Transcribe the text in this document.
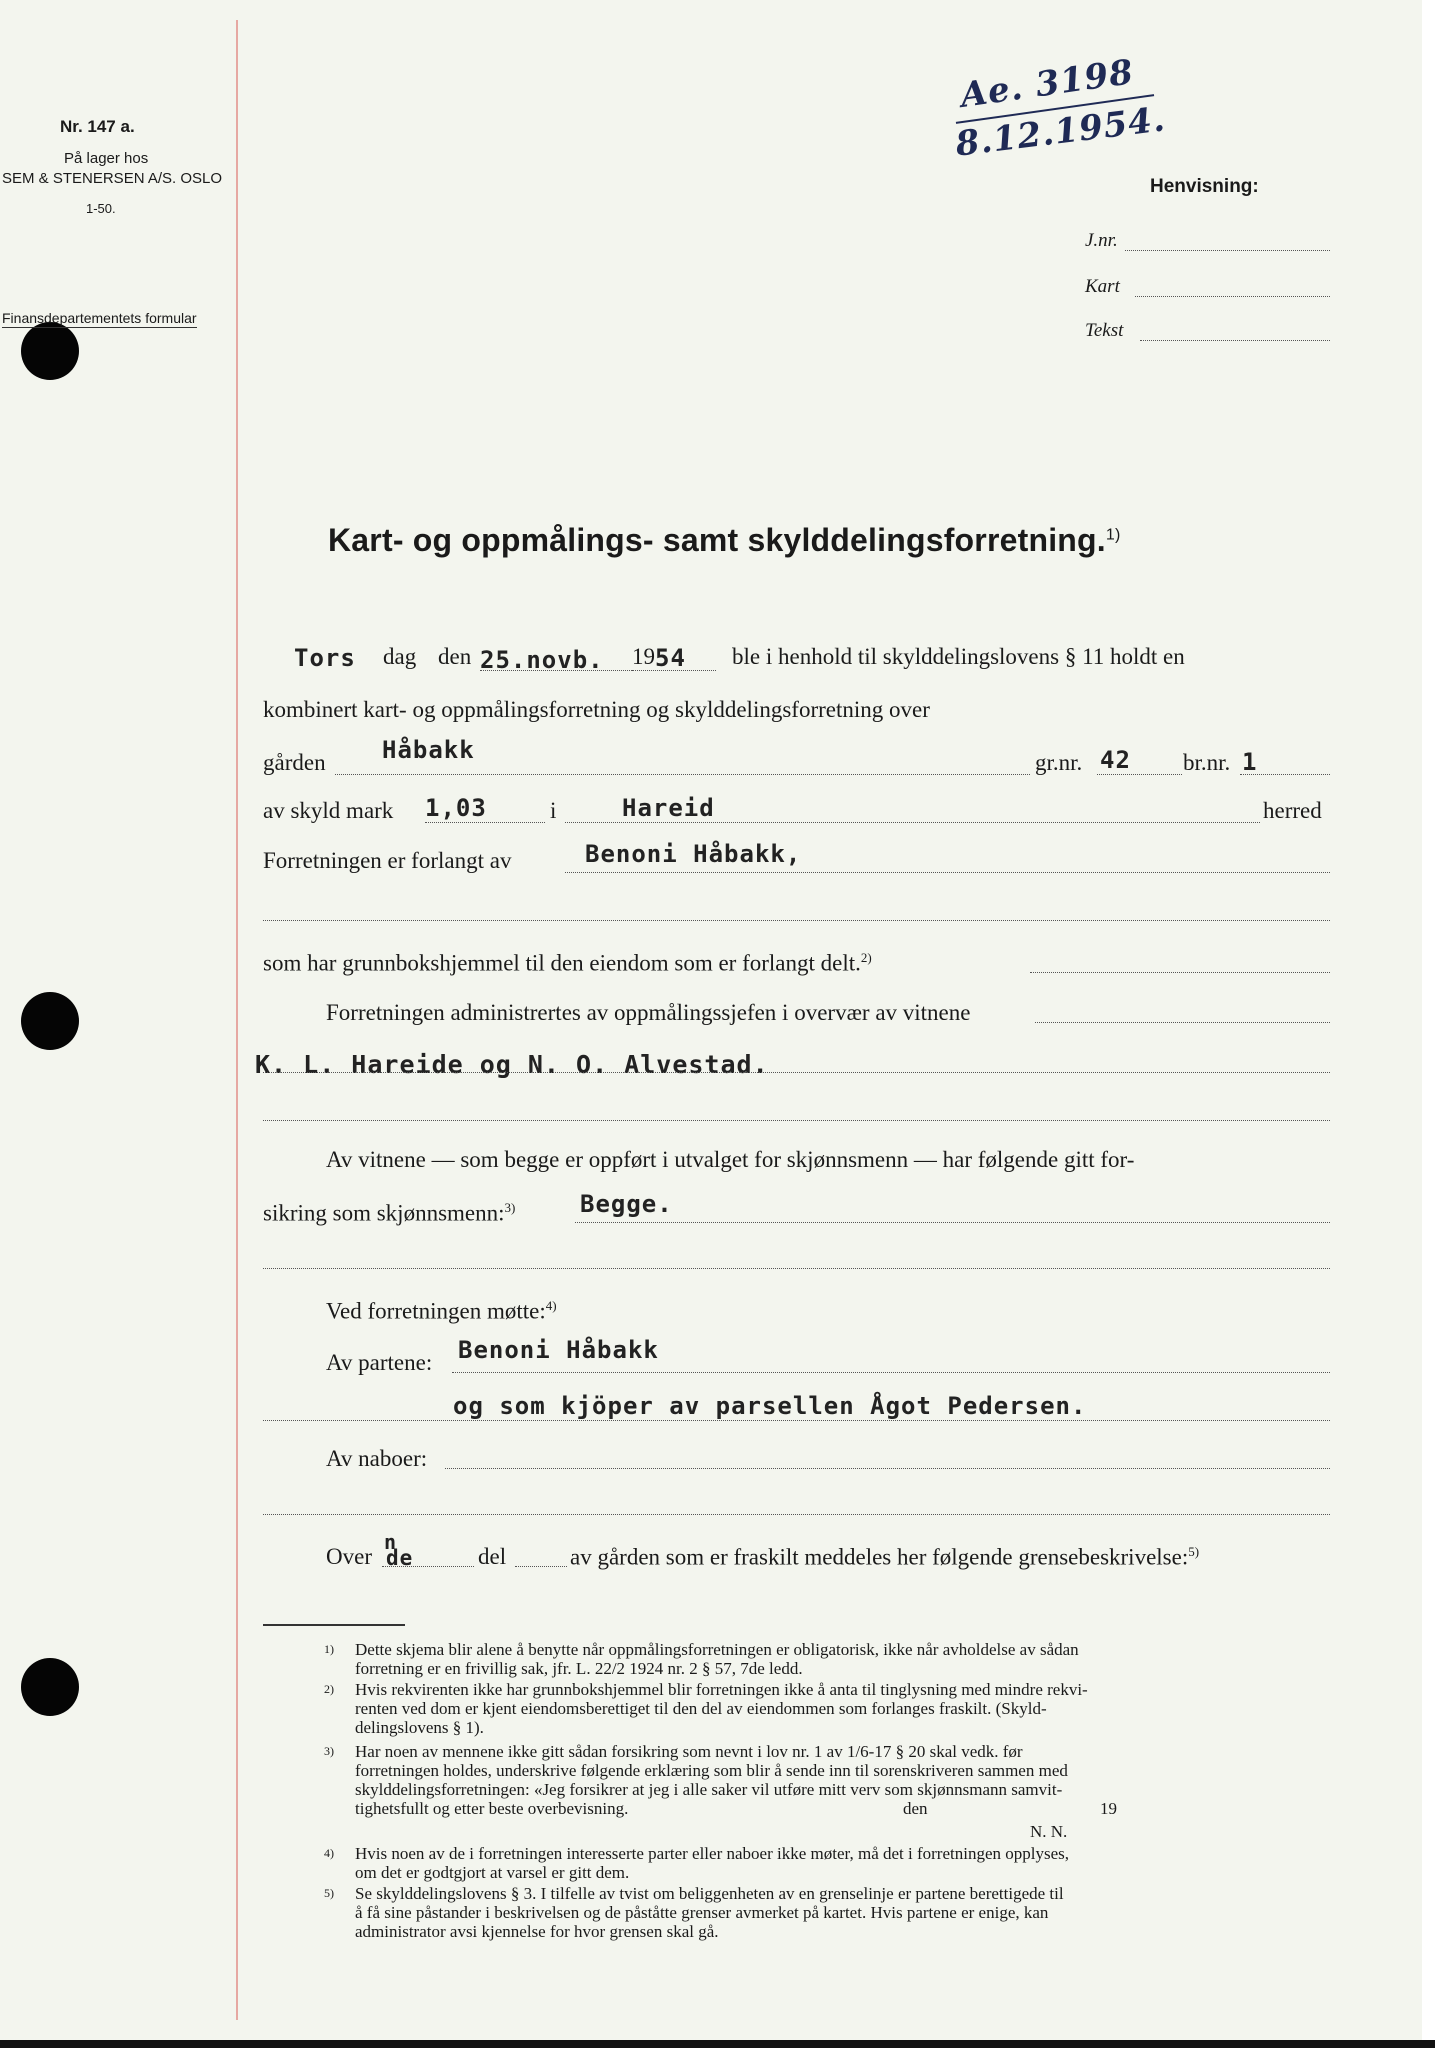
Nr. 147 a.
På lager hos
SEM & STENERSEN A/S. OSLO
1-50.
Finansdepartementets formular
Ae. 3198
8.12.1954.
Henvisning:
J.nr.
Kart
Tekst
Kart- og oppmålings- samt skylddelingsforretning.$^{1)}$
Tors dag den 25.novb. 19 54 ble i henhold til skylddelingslovens § 11 holdt en
kombinert kart- og oppmålingsforretning og skylddelingsforretning over
gården Håbakk	gr.nr. 42 br.nr. 1
av skyld mark 1,03	i	Hareid	herred
Forretningen er forlangt av	Benoni Håbakk,
som har grunnbokshjemmel til den eiendom som er forlangt delt.$^{2)}$
Forretningen administrertes av oppmålingssjefen i overvær av vitnene
K. L. Hareide og N. O. Alvestad.
Av vitnene — som begge er oppført i utvalget for skjønnsmenn — har følgende gitt for-
sikring som skjønnsmenn:$^{3)}$	Begge.
Ved forretningen møtte:$^{4)}$
Av partene: Benoni Håbakk
og som kjöper av parsellen Ågot Pedersen.
Av naboer:
Over
n
de	del	av gården som er fraskilt meddeles her følgende grensebeskrivelse:$^{5)}$
1)	Dette skjema blir alene å benytte når oppmålingsforretningen er obligatorisk, ikke når avholdelse av sådan
forretning er en frivillig sak, jfr. L. 22/2 1924 nr. 2 § 57, 7de ledd.
2)	Hvis rekvirenten ikke har grunnbokshjemmel blir forretningen ikke å anta til tinglysning med mindre rekvi-
renten ved dom er kjent eiendomsberettiget til den del av eiendommen som forlanges fraskilt. (Skyld-
delingslovens § 1).
3)	Har noen av mennene ikke gitt sådan forsikring som nevnt i lov nr. 1 av 1/6-17 § 20 skal vedk. før
forretningen holdes, underskrive følgende erklæring som blir å sende inn til sorenskriveren sammen med
skylddelingsforretningen: «Jeg forsikrer at jeg i alle saker vil utføre mitt verv som skjønnsmann samvit-
tighetsfullt og etter beste overbevisning.	den	19
N. N.
4)	Hvis noen av de i forretningen interesserte parter eller naboer ikke møter, må det i forretningen opplyses,
om det er godtgjort at varsel er gitt dem.
5)	Se skylddelingslovens § 3. I tilfelle av tvist om beliggenheten av en grenselinje er partene berettigede til
å få sine påstander i beskrivelsen og de påståtte grenser avmerket på kartet. Hvis partene er enige, kan
administrator avsi kjennelse for hvor grensen skal gå.
